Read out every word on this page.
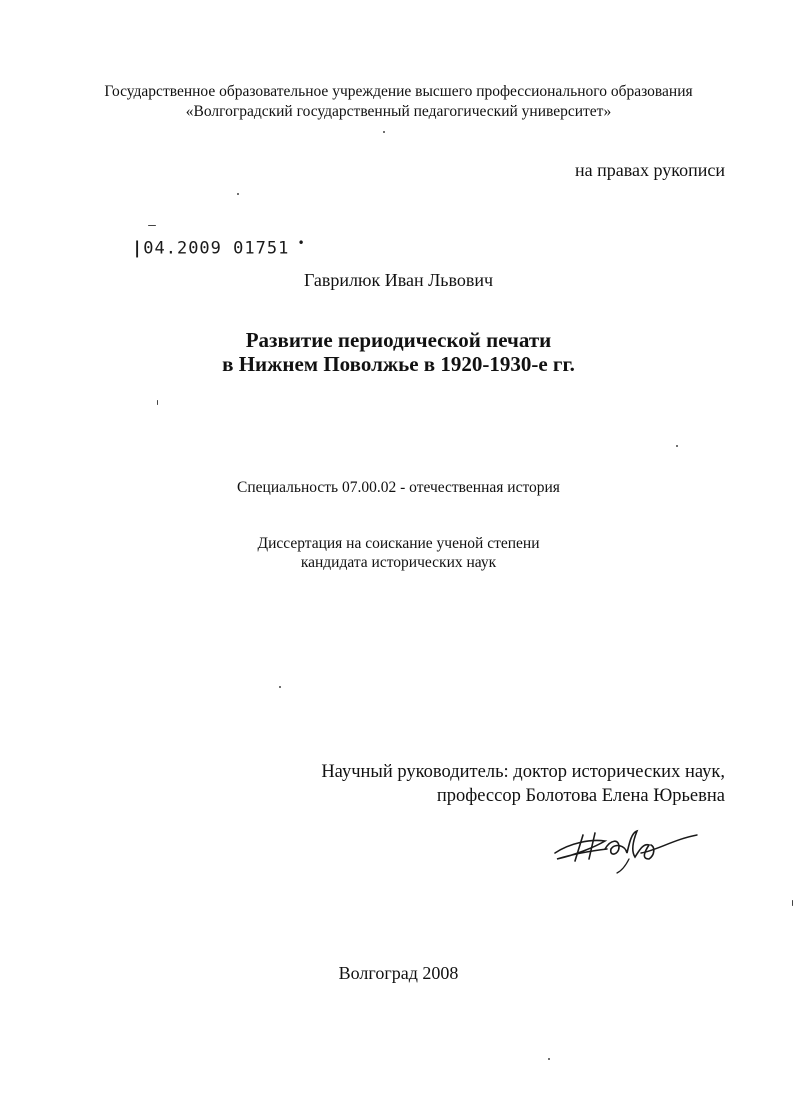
Государственное образовательное учреждение высшего профессионального образования
«Волгоградский государственный педагогический университет»
на правах рукописи
|04.2009 01751 •
Гаврилюк Иван Львович
Развитие периодической печати
в Нижнем Поволжье в 1920-1930-е гг.
Специальность 07.00.02 - отечественная история
Диссертация на соискание ученой степени
кандидата исторических наук
Научный руководитель: доктор исторических наук,
профессор Болотова Елена Юрьевна
Волгоград 2008
